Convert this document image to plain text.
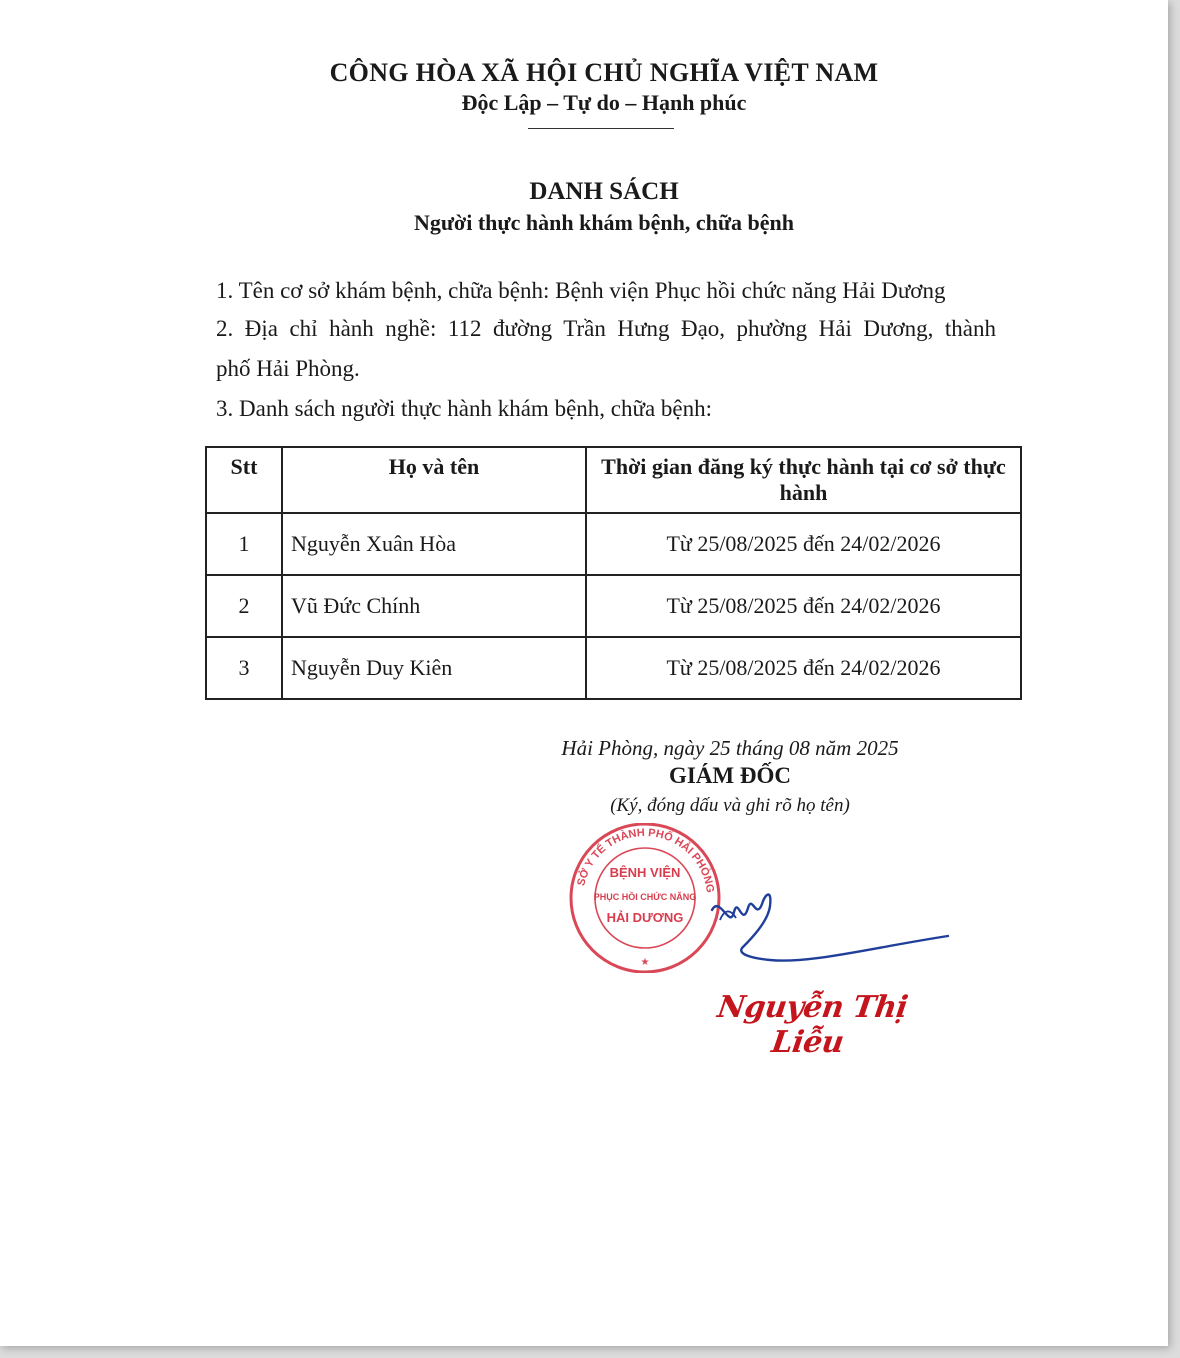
CÔNG HÒA XÃ HỘI CHỦ NGHĨA VIỆT NAM
Độc Lập – Tự do – Hạnh phúc
DANH SÁCH
Người thực hành khám bệnh, chữa bệnh
1. Tên cơ sở khám bệnh, chữa bệnh: Bệnh viện Phục hồi chức năng Hải Dương
2. Địa chỉ hành nghề: 112 đường Trần Hưng Đạo, phường Hải Dương, thành
phố Hải Phòng.
3. Danh sách người thực hành khám bệnh, chữa bệnh:
Stt	Họ và tên	Thời gian đăng ký thực hành tại cơ sở thực hành
1	Nguyễn Xuân Hòa	Từ 25/08/2025 đến 24/02/2026
2	Vũ Đức Chính	Từ 25/08/2025 đến 24/02/2026
3	Nguyễn Duy Kiên	Từ 25/08/2025 đến 24/02/2026
Hải Phòng, ngày 25 tháng 08 năm 2025
GIÁM ĐỐC
(Ký, đóng dấu và ghi rõ họ tên)
SỞ Y TẾ THÀNH PHỐ HẢI PHÒNG
BỆNH VIỆN
PHỤC HỒI CHỨC NĂNG
HẢI DƯƠNG
★
Nguyễn Thị Liễu
